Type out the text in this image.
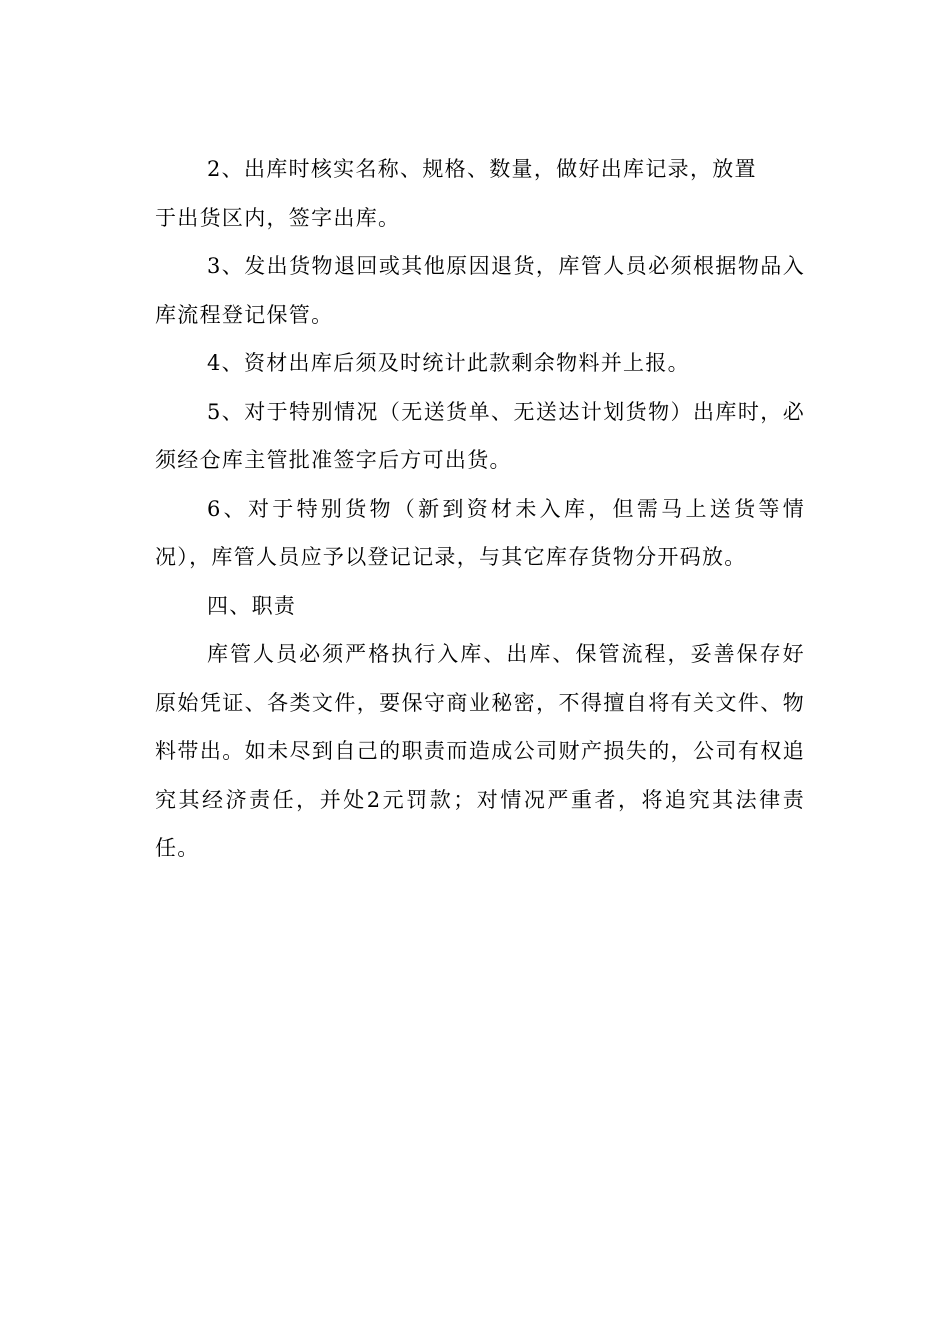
2、出库时核实名称、规格、数量，做好出库记录，放置
于出货区内，签字出库。

3、发出货物退回或其他原因退货，库管人员必须根据物品入库流程登记保管。

4、资材出库后须及时统计此款剩余物料并上报。

5、对于特别情况（无送货单、无送达计划货物）出库时，必须经仓库主管批准签字后方可出货。

6、对于特别货物（新到资材未入库，但需马上送货等情况），库管人员应予以登记记录，与其它库存货物分开码放。

四、职责

库管人员必须严格执行入库、出库、保管流程，妥善保存好原始凭证、各类文件，要保守商业秘密，不得擅自将有关文件、物料带出。如未尽到自己的职责而造成公司财产损失的，公司有权追究其经济责任，并处2元罚款；对情况严重者，将追究其法律责任。
